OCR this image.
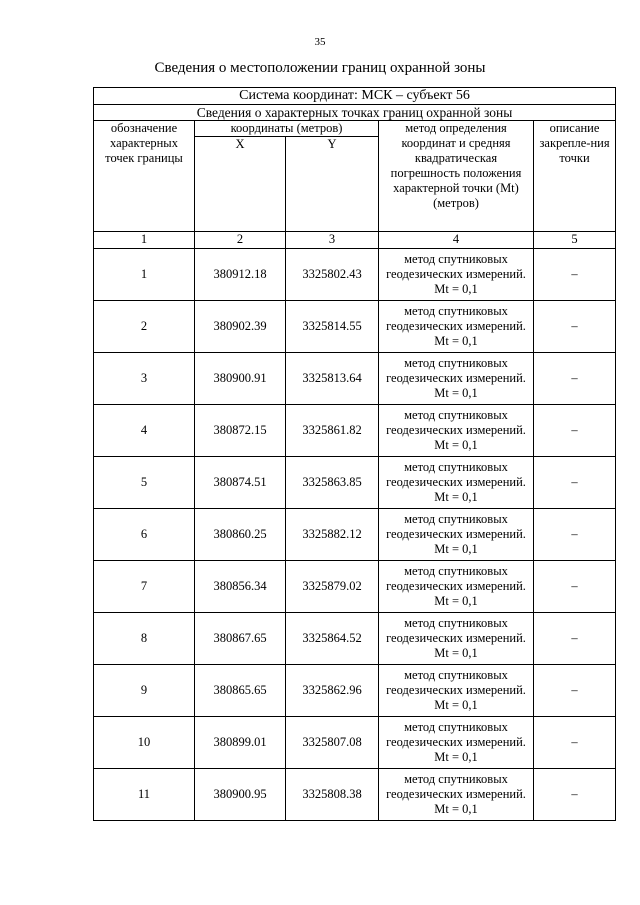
35
Сведения о местоположении границ охранной зоны
Система координат: МСК – субъект 56				
Сведения о характерных точках границ охранной зоны				
обозначение характерных точек границы	координаты (метров)		метод определения координат и средняя квадратическая погрешность положения характерной точки (Mt) (метров)	описание закрепле-ния точки
	X	Y		
1	2	3	4	5
1	380912.18	3325802.43	метод спутниковых геодезических измерений. Mt = 0,1	–
2	380902.39	3325814.55	метод спутниковых геодезических измерений. Mt = 0,1	–
3	380900.91	3325813.64	метод спутниковых геодезических измерений. Mt = 0,1	–
4	380872.15	3325861.82	метод спутниковых геодезических измерений. Mt = 0,1	–
5	380874.51	3325863.85	метод спутниковых геодезических измерений. Mt = 0,1	–
6	380860.25	3325882.12	метод спутниковых геодезических измерений. Mt = 0,1	–
7	380856.34	3325879.02	метод спутниковых геодезических измерений. Mt = 0,1	–
8	380867.65	3325864.52	метод спутниковых геодезических измерений. Mt = 0,1	–
9	380865.65	3325862.96	метод спутниковых геодезических измерений. Mt = 0,1	–
10	380899.01	3325807.08	метод спутниковых геодезических измерений. Mt = 0,1	–
11	380900.95	3325808.38	метод спутниковых геодезических измерений. Mt = 0,1	–
